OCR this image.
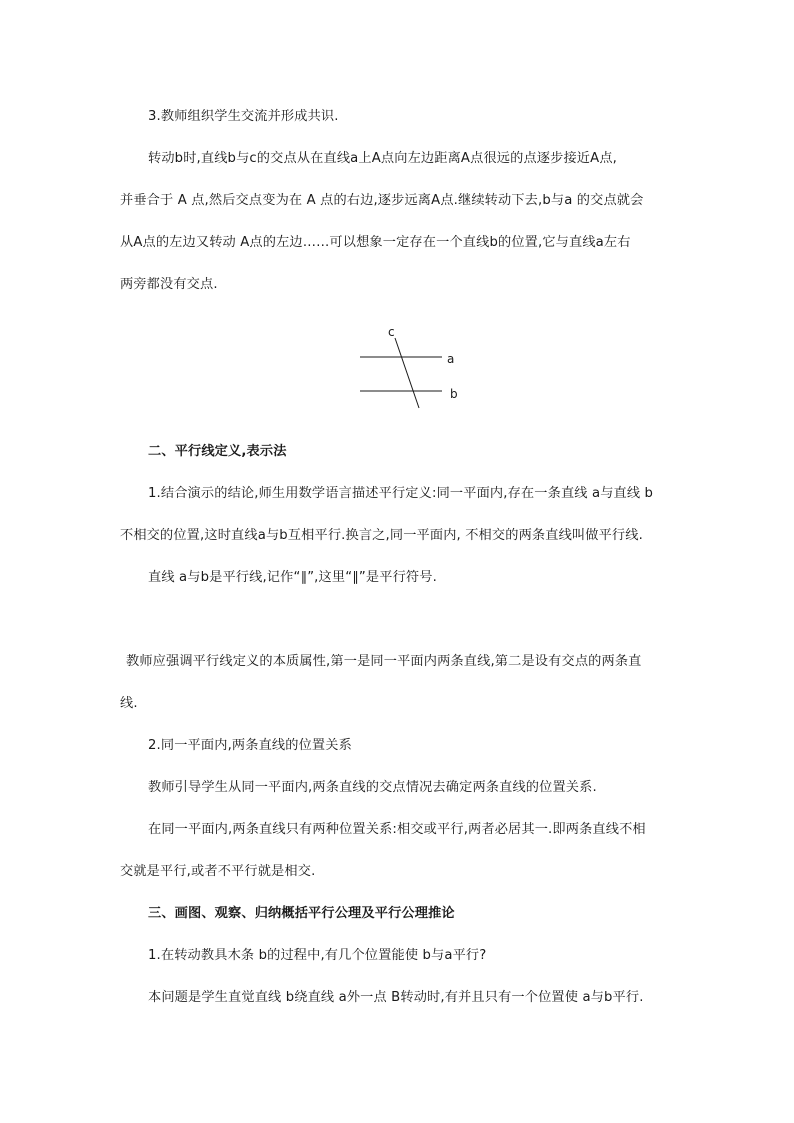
3.教师组织学生交流并形成共识.
转动b时,直线b与c的交点从在直线a上A点向左边距离A点很远的点逐步接近A点,
并垂合于 A 点,然后交点变为在 A 点的右边,逐步远离A点.继续转动下去,b与a 的交点就会
从A点的左边又转动 A点的左边……可以想象一定存在一个直线b的位置,它与直线a左右
两旁都没有交点.
c
a
b
二、平行线定义,表示法
1.结合演示的结论,师生用数学语言描述平行定义:同一平面内,存在一条直线 a与直线 b
不相交的位置,这时直线a与b互相平行.换言之,同一平面内, 不相交的两条直线叫做平行线.
直线 a与b是平行线,记作“∥”,这里“∥”是平行符号.
教师应强调平行线定义的本质属性,第一是同一平面内两条直线,第二是设有交点的两条直
线.
2.同一平面内,两条直线的位置关系
教师引导学生从同一平面内,两条直线的交点情况去确定两条直线的位置关系.
在同一平面内,两条直线只有两种位置关系:相交或平行,两者必居其一.即两条直线不相
交就是平行,或者不平行就是相交.
三、画图、观察、归纳概括平行公理及平行公理推论
1.在转动教具木条 b的过程中,有几个位置能使 b与a平行?
本问题是学生直觉直线 b绕直线 a外一点 B转动时,有并且只有一个位置使 a与b平行.
